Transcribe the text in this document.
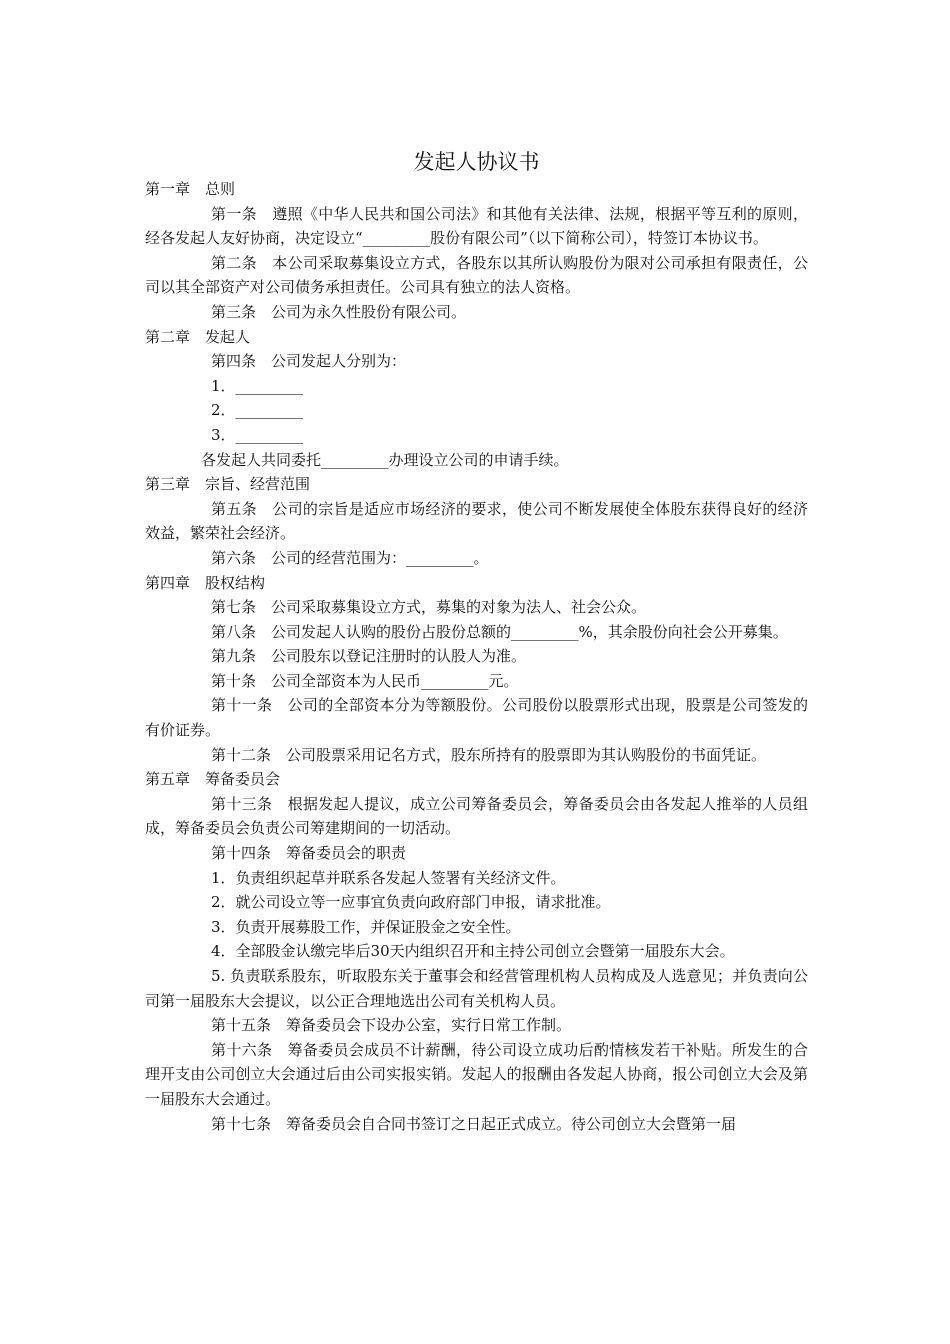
发起人协议书

第一章　总则

第一条　遵照《中华人民共和国公司法》和其他有关法律、法规，根据平等互利的原则，经各发起人友好协商，决定设立“_________股份有限公司”（以下简称公司），特签订本协议书。

第二条　本公司采取募集设立方式，各股东以其所认购股份为限对公司承担有限责任，公司以其全部资产对公司债务承担责任。公司具有独立的法人资格。

第三条　公司为永久性股份有限公司。

第二章　发起人

第四条　公司发起人分别为：

1．_________

2．_________

3．_________

各发起人共同委托_________办理设立公司的申请手续。

第三章　宗旨、经营范围

第五条　公司的宗旨是适应市场经济的要求，使公司不断发展使全体股东获得良好的经济效益，繁荣社会经济。

第六条　公司的经营范围为：_________。

第四章　股权结构

第七条　公司采取募集设立方式，募集的对象为法人、社会公众。

第八条　公司发起人认购的股份占股份总额的_________%，其余股份向社会公开募集。

第九条　公司股东以登记注册时的认股人为准。

第十条　公司全部资本为人民币_________元。

第十一条　公司的全部资本分为等额股份。公司股份以股票形式出现，股票是公司签发的有价证券。

第十二条　公司股票采用记名方式，股东所持有的股票即为其认购股份的书面凭证。

第五章　筹备委员会

第十三条　根据发起人提议，成立公司筹备委员会，筹备委员会由各发起人推举的人员组成，筹备委员会负责公司筹建期间的一切活动。

第十四条　筹备委员会的职责

1．负责组织起草并联系各发起人签署有关经济文件。

2．就公司设立等一应事宜负责向政府部门申报，请求批准。

3．负责开展募股工作，并保证股金之安全性。

4．全部股金认缴完毕后30天内组织召开和主持公司创立会暨第一届股东大会。

5. 负责联系股东，听取股东关于董事会和经营管理机构人员构成及人选意见；并负责向公司第一届股东大会提议，以公正合理地选出公司有关机构人员。

第十五条　筹备委员会下设办公室，实行日常工作制。

第十六条　筹备委员会成员不计薪酬，待公司设立成功后酌情核发若干补贴。所发生的合理开支由公司创立大会通过后由公司实报实销。发起人的报酬由各发起人协商，报公司创立大会及第一届股东大会通过。

第十七条　筹备委员会自合同书签订之日起正式成立。待公司创立大会暨第一届
